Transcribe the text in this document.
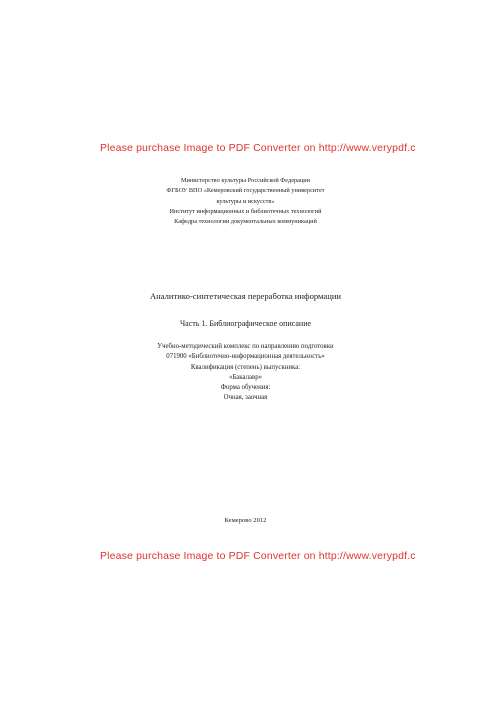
Please purchase Image to PDF Converter on http://www.verypdf.c
Министерство культуры Российской Федерации
ФГБОУ ВПО «Кемеровский государственный университет
культуры и искусств»
Институт информационных и библиотечных технологий
Кафедра технологии документальных коммуникаций
Аналитико-синтетическая переработка информации
Часть 1. Библиографическое описание
Учебно-методический комплекс по направлению подготовки
071900 «Библиотечно-информационная деятельность»
Квалификация (степень) выпускника:
«Бакалавр»
Форма обучения:
Очная, заочная
Кемерово 2012
Please purchase Image to PDF Converter on http://www.verypdf.c
